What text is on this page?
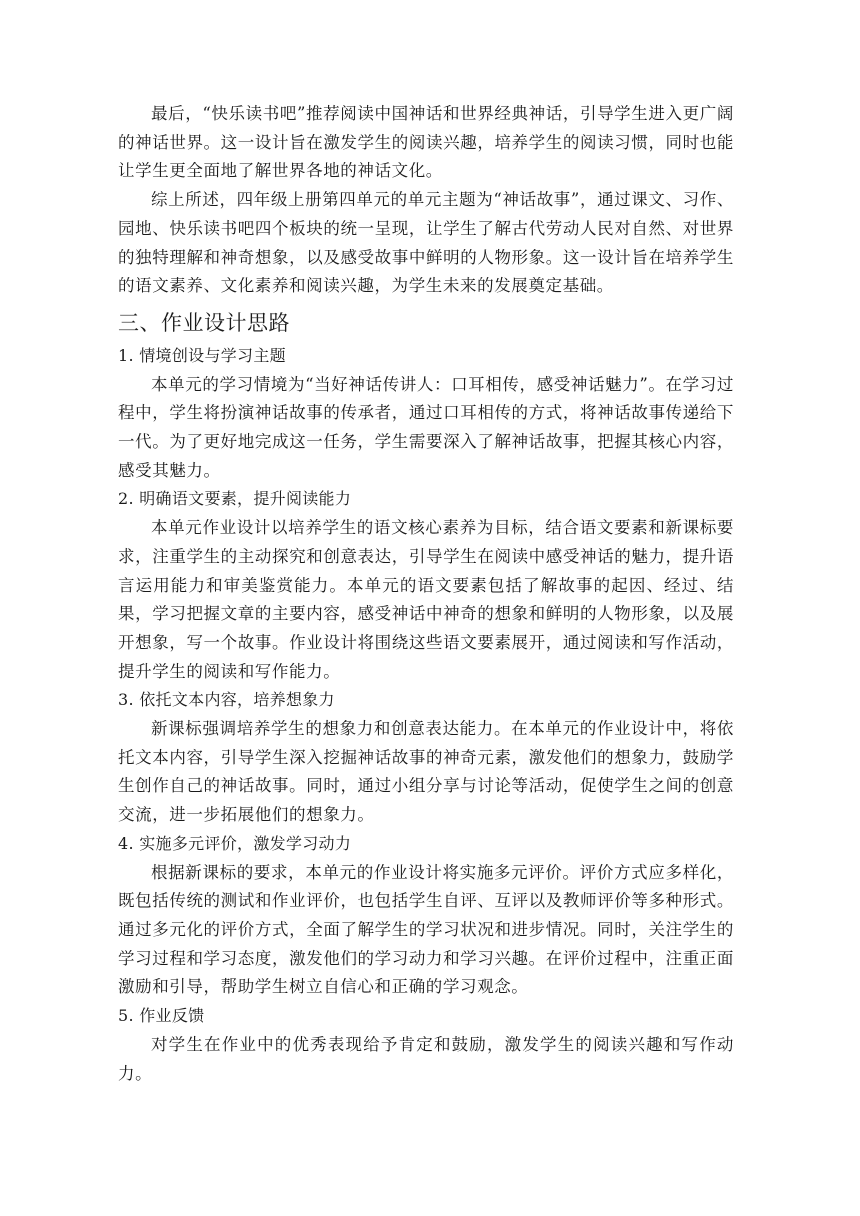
最后，“快乐读书吧”推荐阅读中国神话和世界经典神话，引导学生进入更广阔的神话世界。这一设计旨在激发学生的阅读兴趣，培养学生的阅读习惯，同时也能让学生更全面地了解世界各地的神话文化。

综上所述，四年级上册第四单元的单元主题为“神话故事”，通过课文、习作、园地、快乐读书吧四个板块的统一呈现，让学生了解古代劳动人民对自然、对世界的独特理解和神奇想象，以及感受故事中鲜明的人物形象。这一设计旨在培养学生的语文素养、文化素养和阅读兴趣，为学生未来的发展奠定基础。

三、作业设计思路

1. 情境创设与学习主题

本单元的学习情境为“当好神话传讲人：口耳相传，感受神话魅力”。在学习过程中，学生将扮演神话故事的传承者，通过口耳相传的方式，将神话故事传递给下一代。为了更好地完成这一任务，学生需要深入了解神话故事，把握其核心内容，感受其魅力。

2. 明确语文要素，提升阅读能力

本单元作业设计以培养学生的语文核心素养为目标，结合语文要素和新课标要求，注重学生的主动探究和创意表达，引导学生在阅读中感受神话的魅力，提升语言运用能力和审美鉴赏能力。本单元的语文要素包括了解故事的起因、经过、结果，学习把握文章的主要内容，感受神话中神奇的想象和鲜明的人物形象，以及展开想象，写一个故事。作业设计将围绕这些语文要素展开，通过阅读和写作活动，提升学生的阅读和写作能力。

3. 依托文本内容，培养想象力

新课标强调培养学生的想象力和创意表达能力。在本单元的作业设计中，将依托文本内容，引导学生深入挖掘神话故事的神奇元素，激发他们的想象力，鼓励学生创作自己的神话故事。同时，通过小组分享与讨论等活动，促使学生之间的创意交流，进一步拓展他们的想象力。

4. 实施多元评价，激发学习动力

根据新课标的要求，本单元的作业设计将实施多元评价。评价方式应多样化，既包括传统的测试和作业评价，也包括学生自评、互评以及教师评价等多种形式。通过多元化的评价方式，全面了解学生的学习状况和进步情况。同时，关注学生的学习过程和学习态度，激发他们的学习动力和学习兴趣。在评价过程中，注重正面激励和引导，帮助学生树立自信心和正确的学习观念。

5. 作业反馈

对学生在作业中的优秀表现给予肯定和鼓励，激发学生的阅读兴趣和写作动力。
